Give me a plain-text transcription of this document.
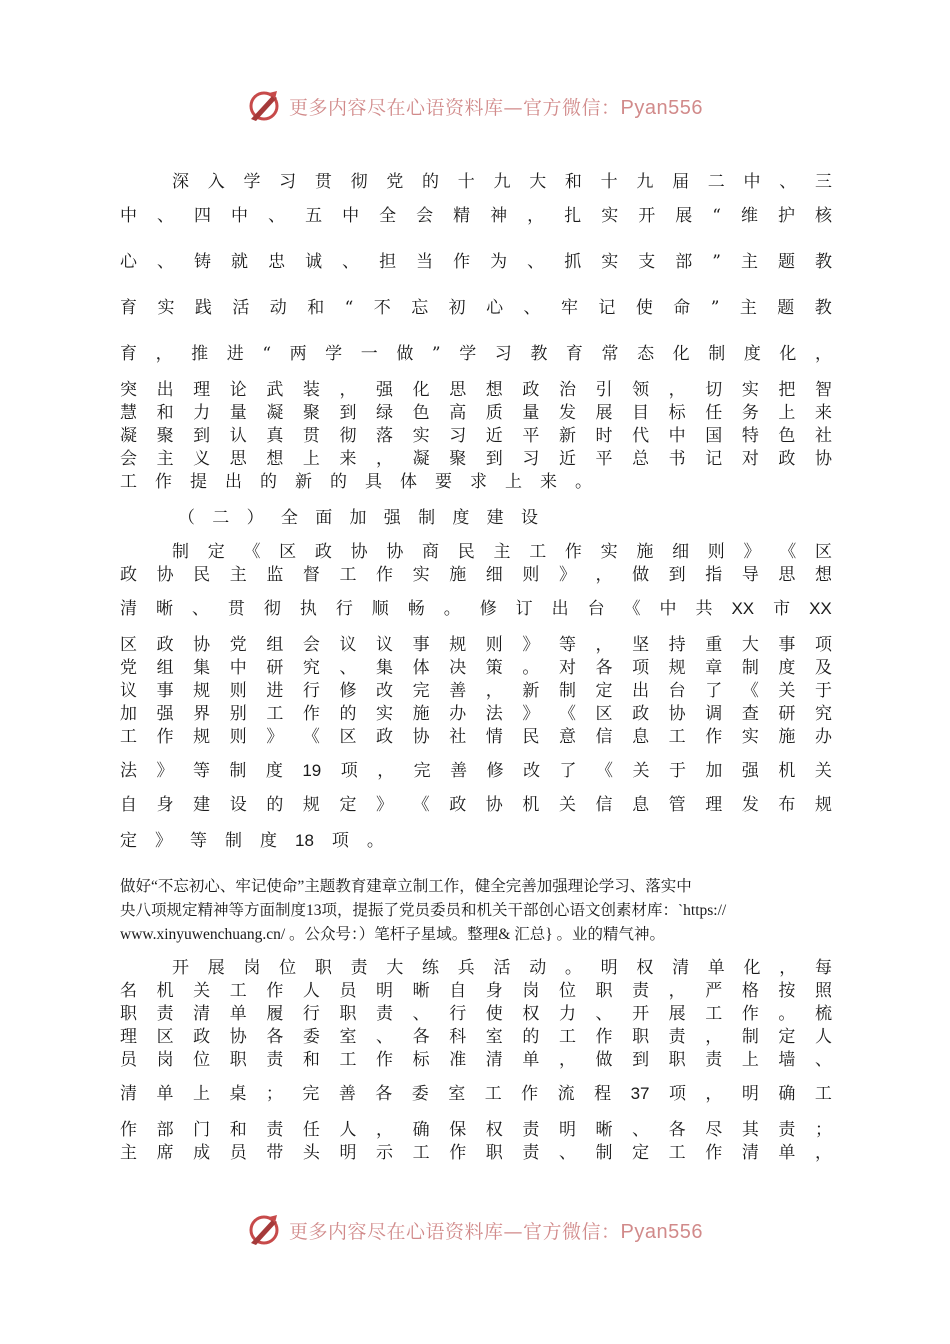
更多内容尽在心语资料库—官方微信：Pyan556
深 入 学 习 贯 彻 党 的 十 九 大 和 十 九 届 二 中 、 三
中 、 四 中 、 五 中 全 会 精 神 ， 扎 实 开 展 “ 维 护 核
心 、 铸 就 忠 诚 、 担 当 作 为 、 抓 实 支 部 ” 主 题 教
育 实 践 活 动 和 “ 不 忘 初 心 、 牢 记 使 命 ” 主 题 教
育 ， 推 进 “ 两 学 一 做 ” 学 习 教 育 常 态 化 制 度 化 ，
突 出 理 论 武 装 ， 强 化 思 想 政 治 引 领 ， 切 实 把 智
慧 和 力 量 凝 聚 到 绿 色 高 质 量 发 展 目 标 任 务 上 来
凝 聚 到 认 真 贯 彻 落 实 习 近 平 新 时 代 中 国 特 色 社
会 主 义 思 想 上 来 ， 凝 聚 到 习 近 平 总 书 记 对 政 协
工 作 提 出 的 新 的 具 体 要 求 上 来 。
（ 二 ） 全 面 加 强 制 度 建 设
制 定 《 区 政 协 协 商 民 主 工 作 实 施 细 则 》 《 区
政 协 民 主 监 督 工 作 实 施 细 则 》 ， 做 到 指 导 思 想
清 晰 、 贯 彻 执 行 顺 畅 。 修 订 出 台 《 中 共 XX 市 XX
区 政 协 党 组 会 议 议 事 规 则 》 等 ， 坚 持 重 大 事 项
党 组 集 中 研 究 、 集 体 决 策 。 对 各 项 规 章 制 度 及
议 事 规 则 进 行 修 改 完 善 ， 新 制 定 出 台 了 《 关 于
加 强 界 别 工 作 的 实 施 办 法 》 《 区 政 协 调 查 研 究
工 作 规 则 》 《 区 政 协 社 情 民 意 信 息 工 作 实 施 办
法 》 等 制 度 19 项 ， 完 善 修 改 了 《 关 于 加 强 机 关
自 身 建 设 的 规 定 》 《 政 协 机 关 信 息 管 理 发 布 规
定 》 等 制 度 18 项 。
做好“不忘初心、牢记使命”主题教育建章立制工作，健全完善加强理论学习、落实中
央八项规定精神等方面制度13项，提振了党员委员和机关干部创心语文创素材库：`https://
www.xinyuwenchuang.cn/ 。公众号：）笔杆子星域。整理& 汇总} 。业的精气神。
开 展 岗 位 职 责 大 练 兵 活 动 。 明 权 清 单 化 ， 每
名 机 关 工 作 人 员 明 晰 自 身 岗 位 职 责 ， 严 格 按 照
职 责 清 单 履 行 职 责 、 行 使 权 力 、 开 展 工 作 。 梳
理 区 政 协 各 委 室 、 各 科 室 的 工 作 职 责 ， 制 定 人
员 岗 位 职 责 和 工 作 标 准 清 单 ， 做 到 职 责 上 墙 、
清 单 上 桌 ； 完 善 各 委 室 工 作 流 程 37 项 ， 明 确 工
作 部 门 和 责 任 人 ， 确 保 权 责 明 晰 、 各 尽 其 责 ；
主 席 成 员 带 头 明 示 工 作 职 责 、 制 定 工 作 清 单 ，
更多内容尽在心语资料库—官方微信：Pyan556
